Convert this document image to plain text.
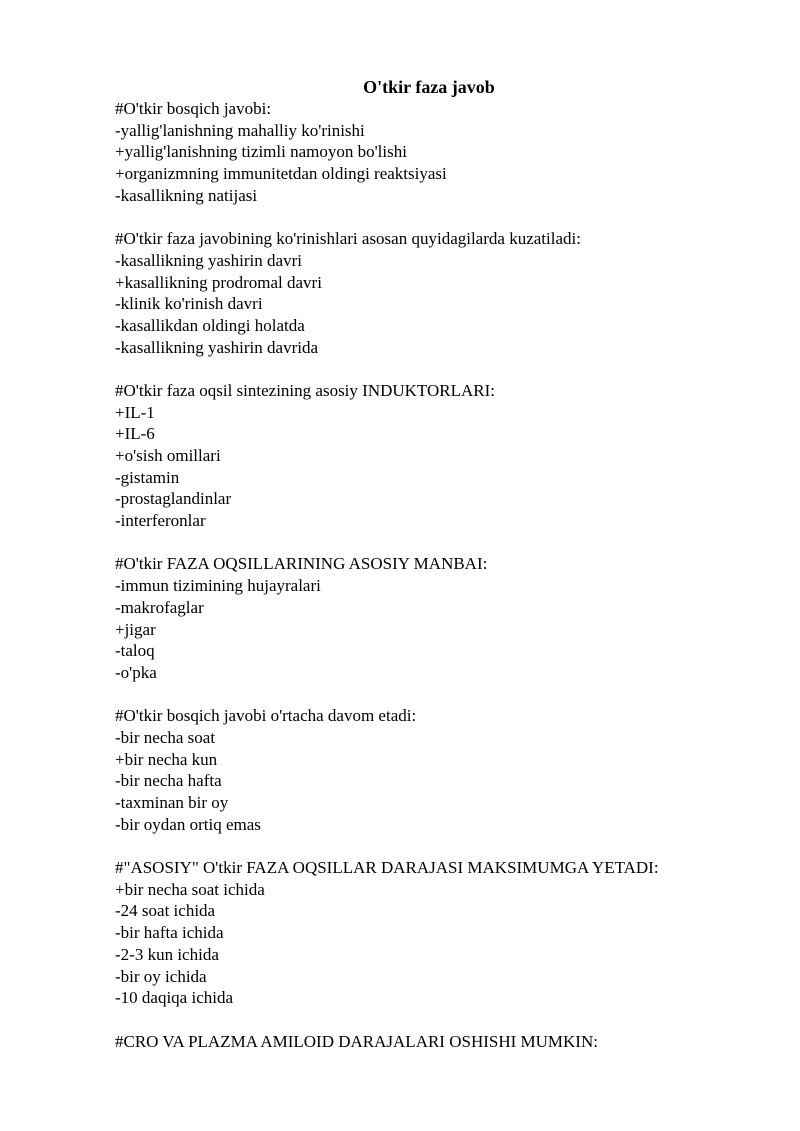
O'tkir faza javob
#O'tkir bosqich javobi:
-yallig'lanishning mahalliy ko'rinishi
+yallig'lanishning tizimli namoyon bo'lishi
+organizmning immunitetdan oldingi reaktsiyasi
-kasallikning natijasi
#O'tkir faza javobining ko'rinishlari asosan quyidagilarda kuzatiladi:
-kasallikning yashirin davri
+kasallikning prodromal davri
-klinik ko'rinish davri
-kasallikdan oldingi holatda
-kasallikning yashirin davrida
#O'tkir faza oqsil sintezining asosiy INDUKTORLARI:
+IL-1
+IL-6
+o'sish omillari
-gistamin
-prostaglandinlar
-interferonlar
#O'tkir FAZA OQSILLARINING ASOSIY MANBAI:
-immun tizimining hujayralari
-makrofaglar
+jigar
-taloq
-o'pka
#O'tkir bosqich javobi o'rtacha davom etadi:
-bir necha soat
+bir necha kun
-bir necha hafta
-taxminan bir oy
-bir oydan ortiq emas
#"ASOSIY" O'tkir FAZA OQSILLAR DARAJASI MAKSIMUMGA YETADI:
+bir necha soat ichida
-24 soat ichida
-bir hafta ichida
-2-3 kun ichida
-bir oy ichida
-10 daqiqa ichida
#CRO VA PLAZMA AMILOID DARAJALARI OSHISHI MUMKIN:
